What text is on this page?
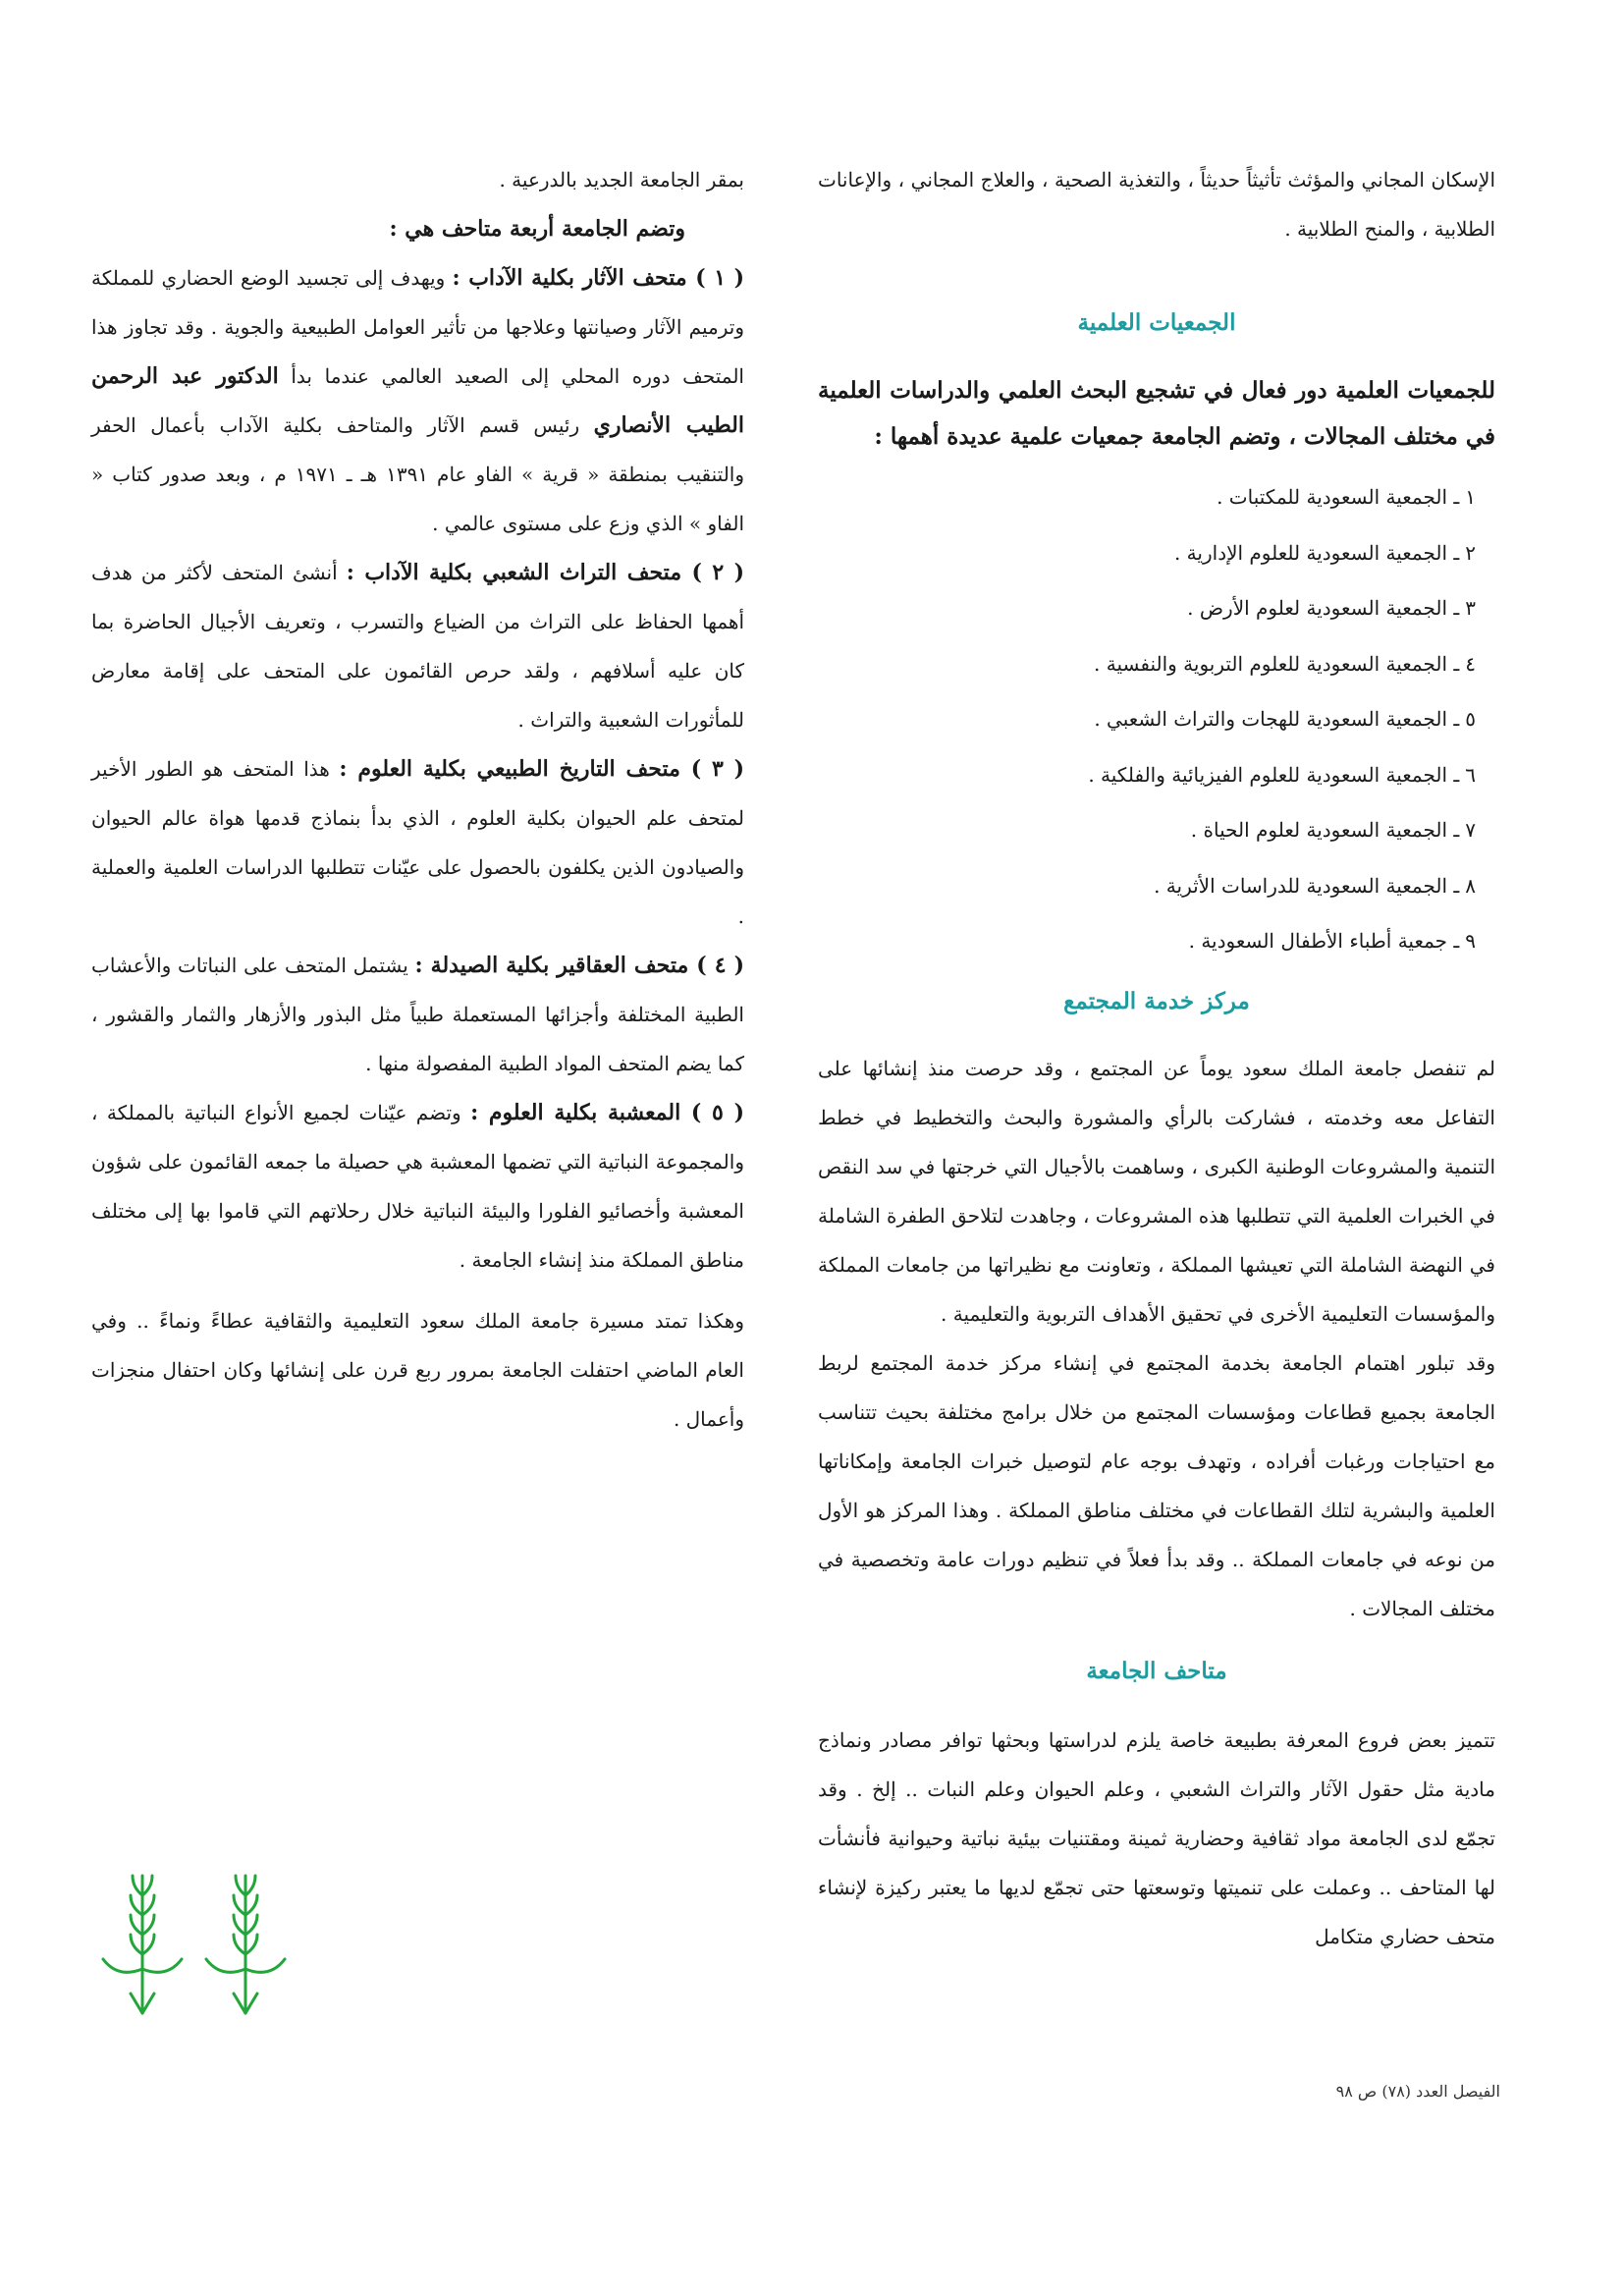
الإسكان المجاني والمؤثث تأثيثاً حديثاً ، والتغذية الصحية ، والعلاج المجاني ، والإعانات الطلابية ، والمنح الطلابية .

الجمعيات العلمية

للجمعيات العلمية دور فعال في تشجيع البحث العلمي والدراسات العلمية في مختلف المجالات ، وتضم الجامعة جمعيات علمية عديدة أهمها :

١ـ الجمعية السعودية للمكتبات .
٢ـ الجمعية السعودية للعلوم الإدارية .
٣ـ الجمعية السعودية لعلوم الأرض .
٤ـ الجمعية السعودية للعلوم التربوية والنفسية .
٥ـ الجمعية السعودية للهجات والتراث الشعبي .
٦ـ الجمعية السعودية للعلوم الفيزيائية والفلكية .
٧ـ الجمعية السعودية لعلوم الحياة .
٨ـ الجمعية السعودية للدراسات الأثرية .
٩ـ جمعية أطباء الأطفال السعودية .
مركز خدمة المجتمع

لم تنفصل جامعة الملك سعود يوماً عن المجتمع ، وقد حرصت منذ إنشائها على التفاعل معه وخدمته ، فشاركت بالرأي والمشورة والبحث والتخطيط في خطط التنمية والمشروعات الوطنية الكبرى ، وساهمت بالأجيال التي خرجتها في سد النقص في الخبرات العلمية التي تتطلبها هذه المشروعات ، وجاهدت لتلاحق الطفرة الشاملة في النهضة الشاملة التي تعيشها المملكة ، وتعاونت مع نظيراتها من جامعات المملكة والمؤسسات التعليمية الأخرى في تحقيق الأهداف التربوية والتعليمية .

وقد تبلور اهتمام الجامعة بخدمة المجتمع في إنشاء مركز خدمة المجتمع لربط الجامعة بجميع قطاعات ومؤسسات المجتمع من خلال برامج مختلفة بحيث تتناسب مع احتياجات ورغبات أفراده ، وتهدف بوجه عام لتوصيل خبرات الجامعة وإمكاناتها العلمية والبشرية لتلك القطاعات في مختلف مناطق المملكة . وهذا المركز هو الأول من نوعه في جامعات المملكة .. وقد بدأ فعلاً في تنظيم دورات عامة وتخصصية في مختلف المجالات .

متاحف الجامعة

تتميز بعض فروع المعرفة بطبيعة خاصة يلزم لدراستها وبحثها توافر مصادر ونماذج مادية مثل حقول الآثار والتراث الشعبي ، وعلم الحيوان وعلم النبات .. إلخ . وقد تجمّع لدى الجامعة مواد ثقافية وحضارية ثمينة ومقتنيات بيئية نباتية وحيوانية فأنشأت لها المتاحف .. وعملت على تنميتها وتوسعتها حتى تجمّع لديها ما يعتبر ركيزة لإنشاء متحف حضاري متكامل

بمقر الجامعة الجديد بالدرعية .

وتضم الجامعة أربعة متاحف هي :

( ١ ) متحف الآثار بكلية الآداب : ويهدف إلى تجسيد الوضع الحضاري للمملكة وترميم الآثار وصيانتها وعلاجها من تأثير العوامل الطبيعية والجوية . وقد تجاوز هذا المتحف دوره المحلي إلى الصعيد العالمي عندما بدأ الدكتور عبد الرحمن الطيب الأنصاري رئيس قسم الآثار والمتاحف بكلية الآداب بأعمال الحفر والتنقيب بمنطقة « قرية » الفاو عام ١٣٩١ هـ ـ ١٩٧١ م ، وبعد صدور كتاب « الفاو » الذي وزع على مستوى عالمي .

( ٢ ) متحف التراث الشعبي بكلية الآداب : أنشئ المتحف لأكثر من هدف أهمها الحفاظ على التراث من الضياع والتسرب ، وتعريف الأجيال الحاضرة بما كان عليه أسلافهم ، ولقد حرص القائمون على المتحف على إقامة معارض للمأثورات الشعبية والتراث .

( ٣ ) متحف التاريخ الطبيعي بكلية العلوم : هذا المتحف هو الطور الأخير لمتحف علم الحيوان بكلية العلوم ، الذي بدأ بنماذج قدمها هواة عالم الحيوان والصيادون الذين يكلفون بالحصول على عيّنات تتطلبها الدراسات العلمية والعملية .

( ٤ ) متحف العقاقير بكلية الصيدلة : يشتمل المتحف على النباتات والأعشاب الطبية المختلفة وأجزائها المستعملة طبياً مثل البذور والأزهار والثمار والقشور ، كما يضم المتحف المواد الطبية المفصولة منها .

( ٥ ) المعشبة بكلية العلوم : وتضم عيّنات لجميع الأنواع النباتية بالمملكة ، والمجموعة النباتية التي تضمها المعشبة هي حصيلة ما جمعه القائمون على شؤون المعشبة وأخصائيو الفلورا والبيئة النباتية خلال رحلاتهم التي قاموا بها إلى مختلف مناطق المملكة منذ إنشاء الجامعة .

وهكذا تمتد مسيرة جامعة الملك سعود التعليمية والثقافية عطاءً ونماءً .. وفي العام الماضي احتفلت الجامعة بمرور ربع قرن على إنشائها وكان احتفال منجزات وأعمال .

الفيصل العدد (٧٨) ص ٩٨
